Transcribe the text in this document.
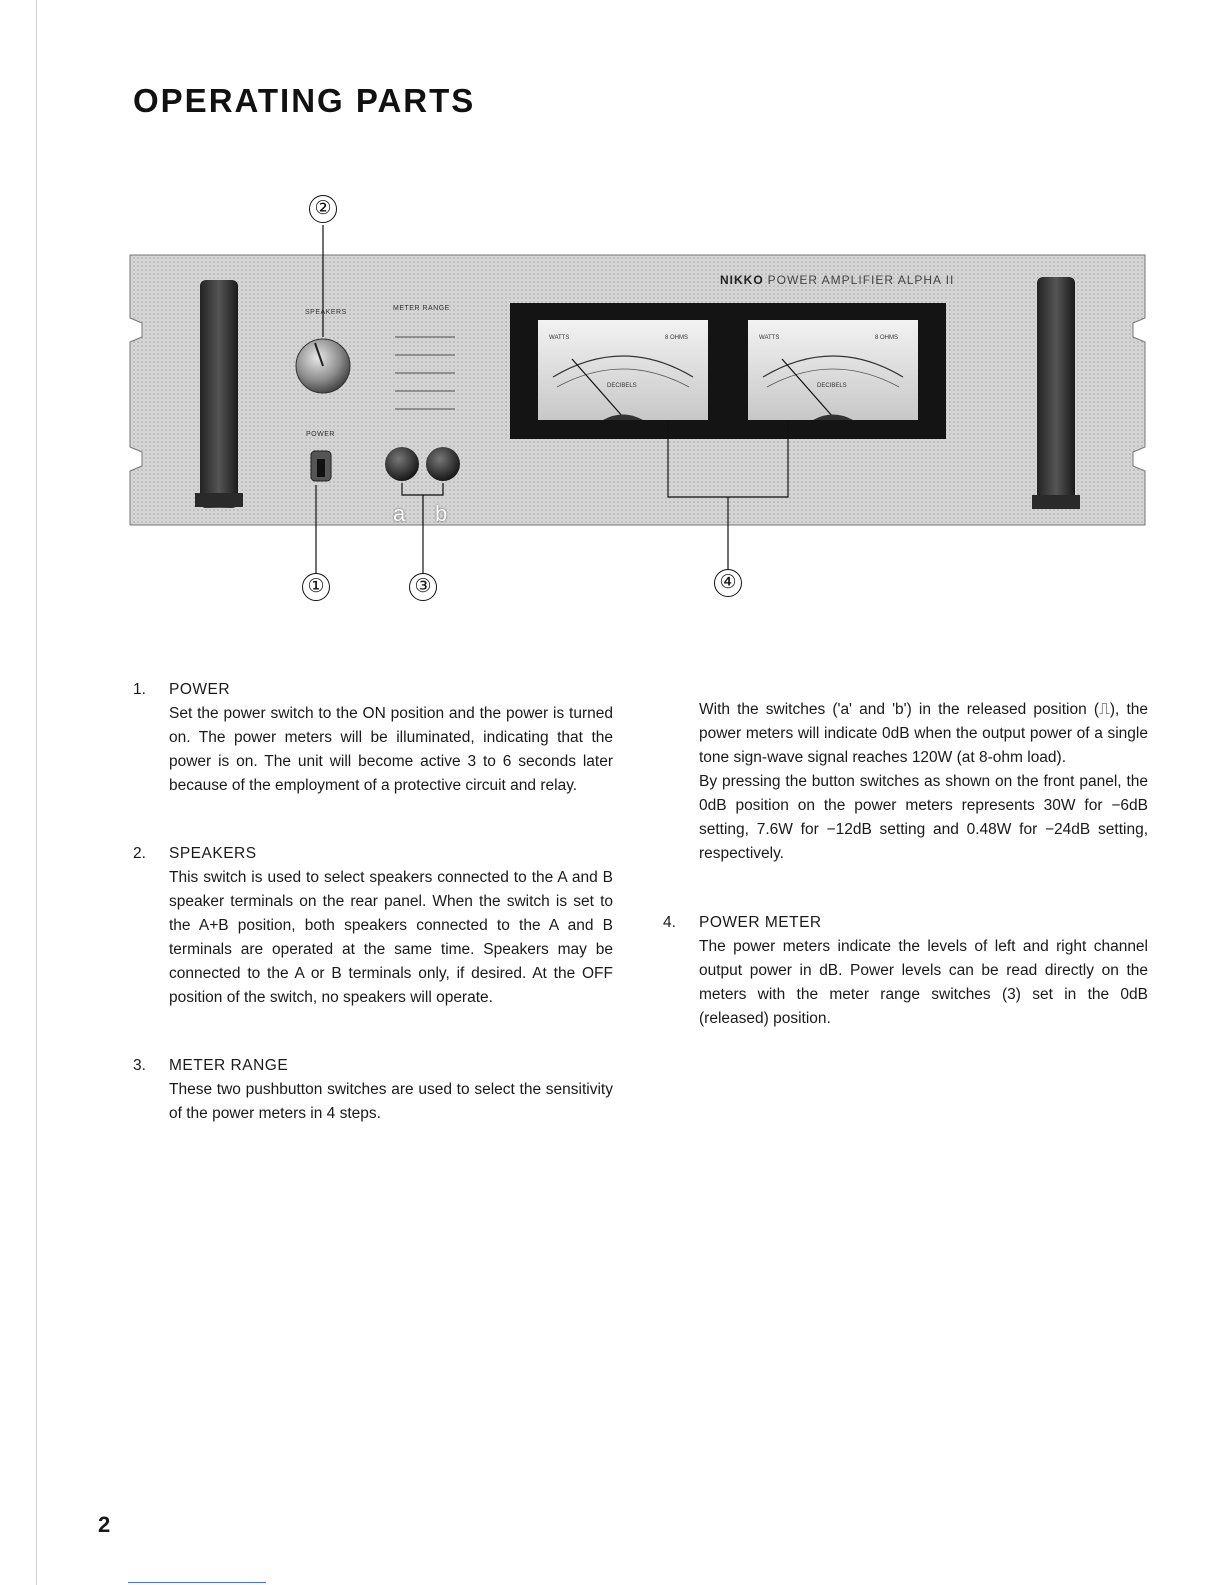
OPERATING PARTS
NIKKO POWER AMPLIFIER ALPHA II
SPEAKERS
METER RANGE
POWER
WATTS	8 OHMS
DECIBELS
WATTS	8 OHMS
DECIBELS
a b
②
①	③	④
1. POWER
Set the power switch to the ON position and the power is turned on. The power meters will be illuminated, indicating that the power is on. The unit will become active 3 to 6 seconds later because of the employment of a protective circuit and relay.
2. SPEAKERS
This switch is used to select speakers connected to the A and B speaker terminals on the rear panel. When the switch is set to the A+B position, both speakers connected to the A and B terminals are operated at the same time. Speakers may be connected to the A or B terminals only, if desired. At the OFF position of the switch, no speakers will operate.
3. METER RANGE
These two pushbutton switches are used to select the sensitivity of the power meters in 4 steps.
With the switches ('a' and 'b') in the released position (⎍), the power meters will indicate 0dB when the output power of a single tone sign-wave signal reaches 120W (at 8-ohm load).
By pressing the button switches as shown on the front panel, the 0dB position on the power meters represents 30W for −6dB setting, 7.6W for −12dB setting and 0.48W for −24dB setting, respectively.
4. POWER METER
The power meters indicate the levels of left and right channel output power in dB. Power levels can be read directly on the meters with the meter range switches (3) set in the 0dB (released) position.
2
